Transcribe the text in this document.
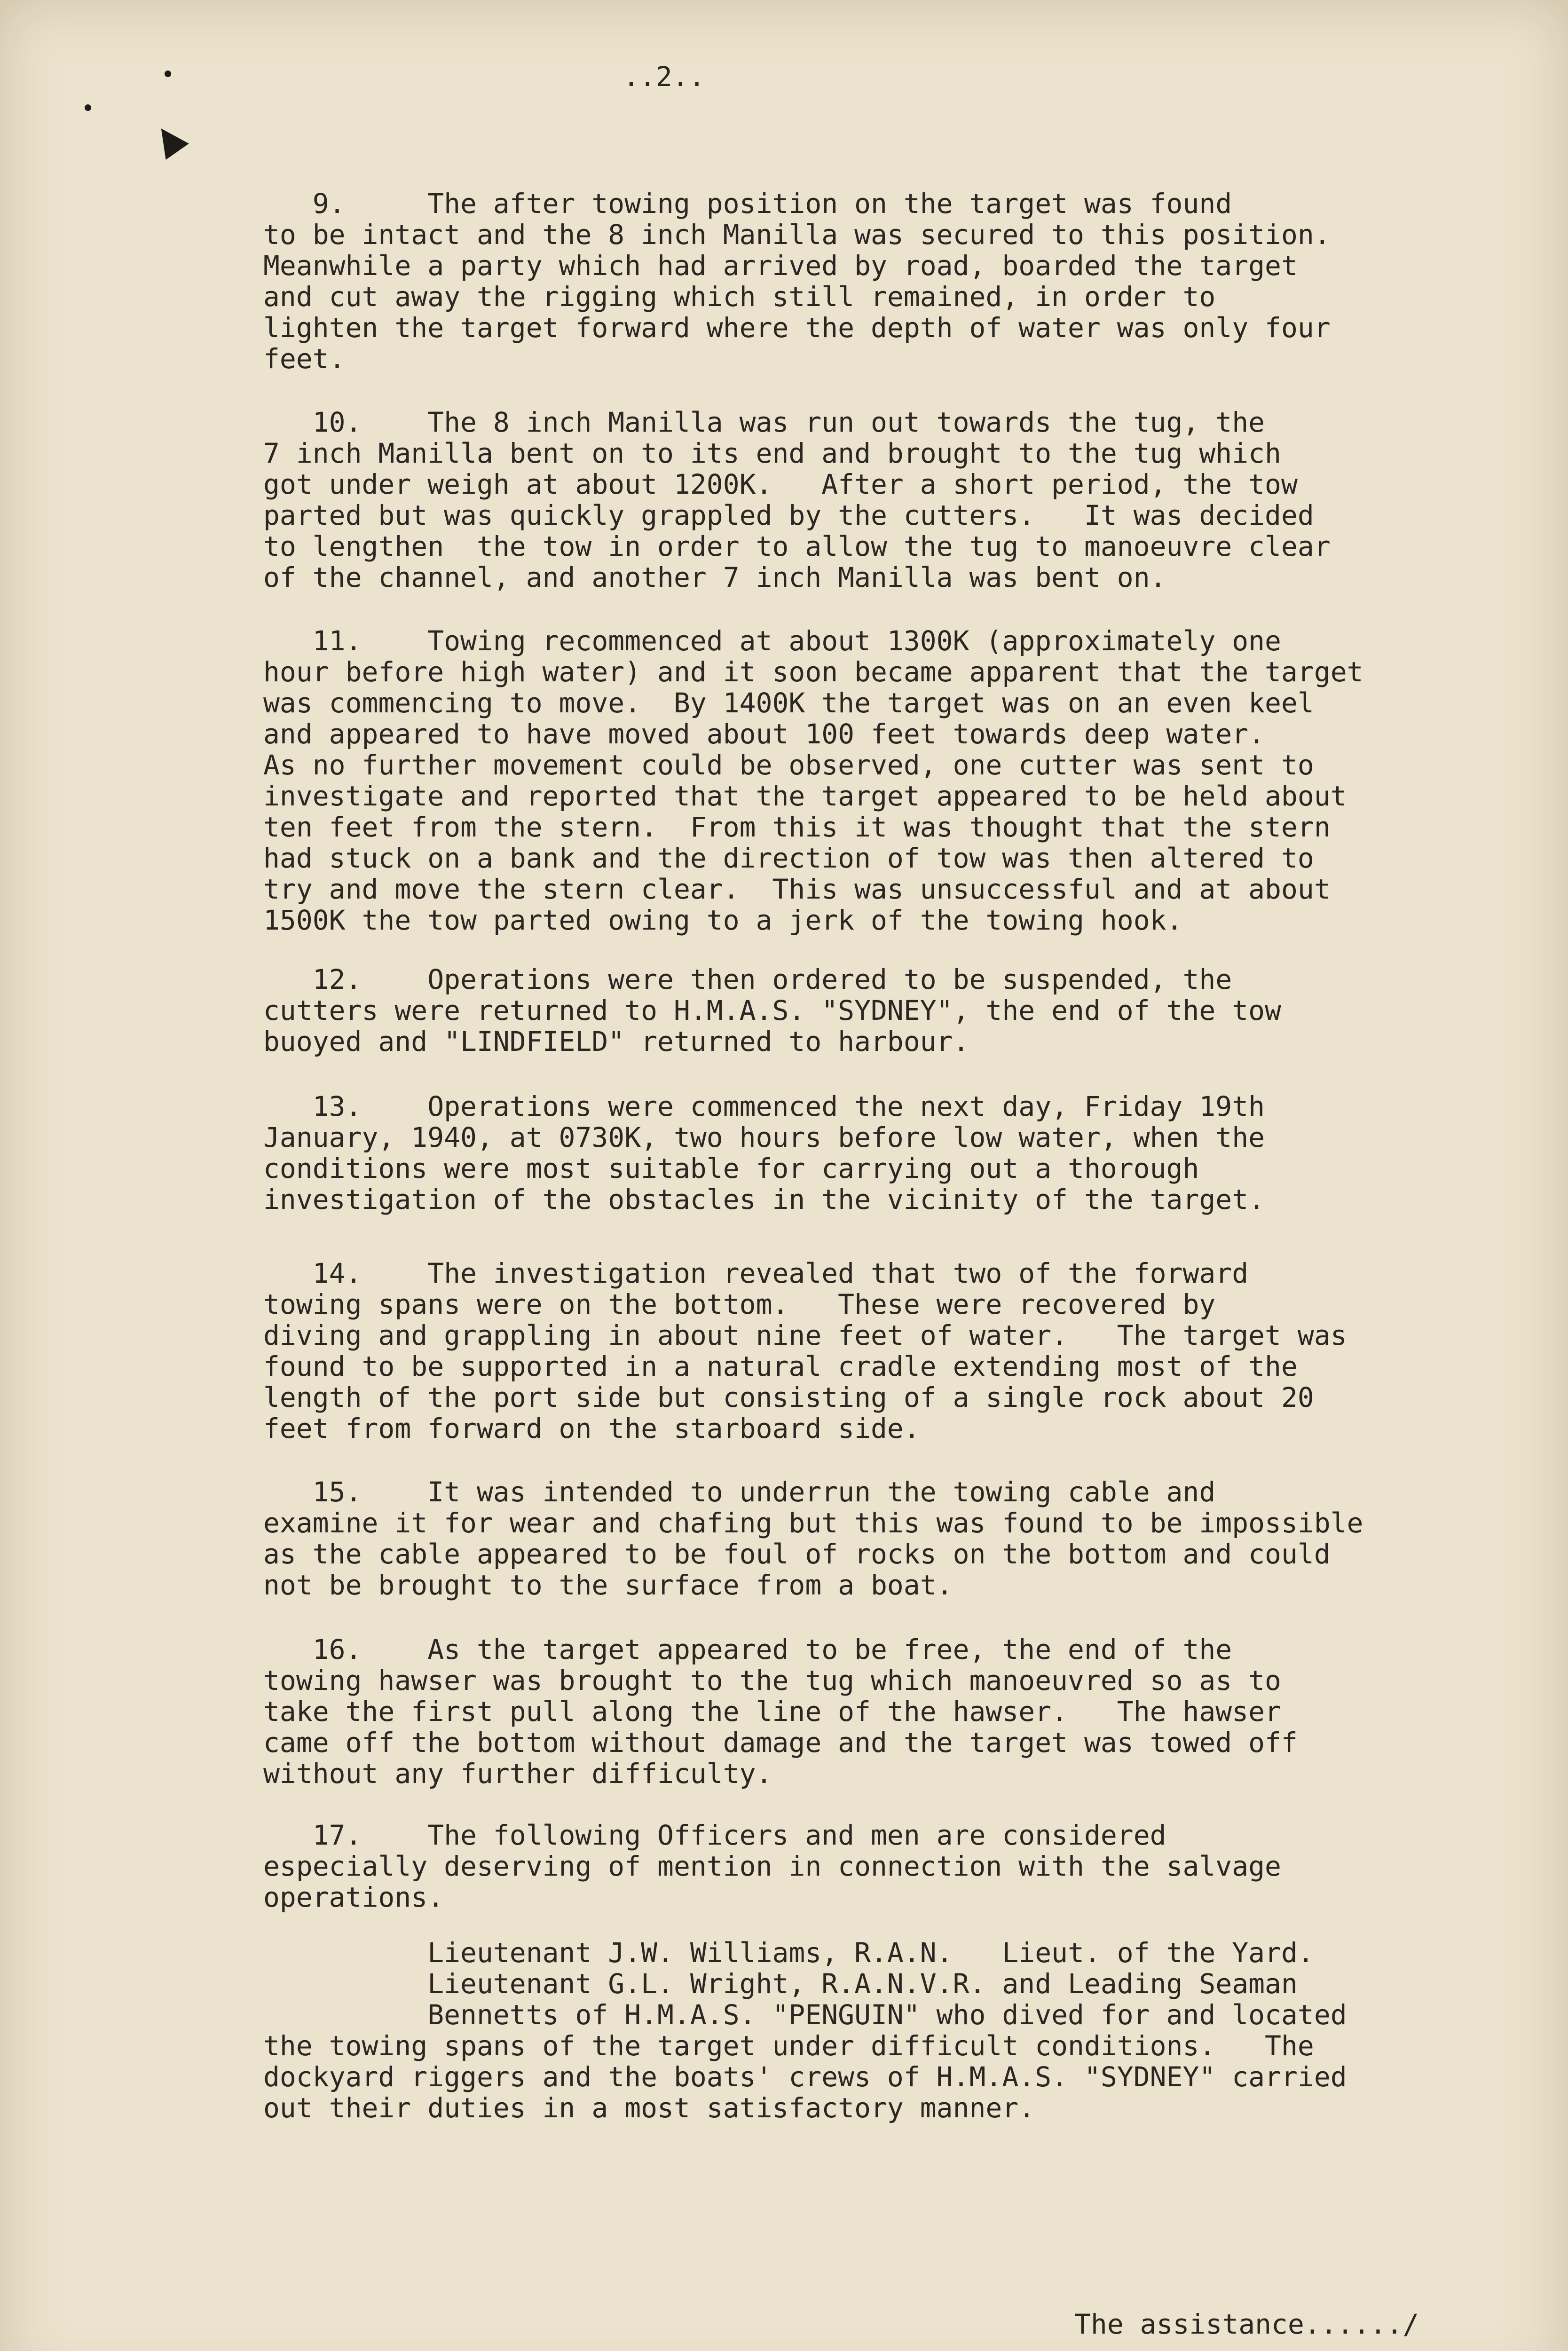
..2..
9.     The after towing position on the target was found
to be intact and the 8 inch Manilla was secured to this position.
Meanwhile a party which had arrived by road, boarded the target
and cut away the rigging which still remained, in order to
lighten the target forward where the depth of water was only four
feet.
10.    The 8 inch Manilla was run out towards the tug, the
7 inch Manilla bent on to its end and brought to the tug which
got under weigh at about 1200K.   After a short period, the tow
parted but was quickly grappled by the cutters.   It was decided
to lengthen  the tow in order to allow the tug to manoeuvre clear
of the channel, and another 7 inch Manilla was bent on.
11.    Towing recommenced at about 1300K (approximately one
hour before high water) and it soon became apparent that the target
was commencing to move.  By 1400K the target was on an even keel
and appeared to have moved about 100 feet towards deep water.
As no further movement could be observed, one cutter was sent to
investigate and reported that the target appeared to be held about
ten feet from the stern.  From this it was thought that the stern
had stuck on a bank and the direction of tow was then altered to
try and move the stern clear.  This was unsuccessful and at about
1500K the tow parted owing to a jerk of the towing hook.
12.    Operations were then ordered to be suspended, the
cutters were returned to H.M.A.S. "SYDNEY", the end of the tow
buoyed and "LINDFIELD" returned to harbour.
13.    Operations were commenced the next day, Friday 19th
January, 1940, at 0730K, two hours before low water, when the
conditions were most suitable for carrying out a thorough
investigation of the obstacles in the vicinity of the target.
14.    The investigation revealed that two of the forward
towing spans were on the bottom.   These were recovered by
diving and grappling in about nine feet of water.   The target was
found to be supported in a natural cradle extending most of the
length of the port side but consisting of a single rock about 20
feet from forward on the starboard side.
15.    It was intended to underrun the towing cable and
examine it for wear and chafing but this was found to be impossible
as the cable appeared to be foul of rocks on the bottom and could
not be brought to the surface from a boat.
16.    As the target appeared to be free, the end of the
towing hawser was brought to the tug which manoeuvred so as to
take the first pull along the line of the hawser.   The hawser
came off the bottom without damage and the target was towed off
without any further difficulty.
17.    The following Officers and men are considered
especially deserving of mention in connection with the salvage
operations.
Lieutenant J.W. Williams, R.A.N.   Lieut. of the Yard.
Lieutenant G.L. Wright, R.A.N.V.R. and Leading Seaman
Bennetts of H.M.A.S. "PENGUIN" who dived for and located
the towing spans of the target under difficult conditions.   The
dockyard riggers and the boats' crews of H.M.A.S. "SYDNEY" carried
out their duties in a most satisfactory manner.
The assistance....../
